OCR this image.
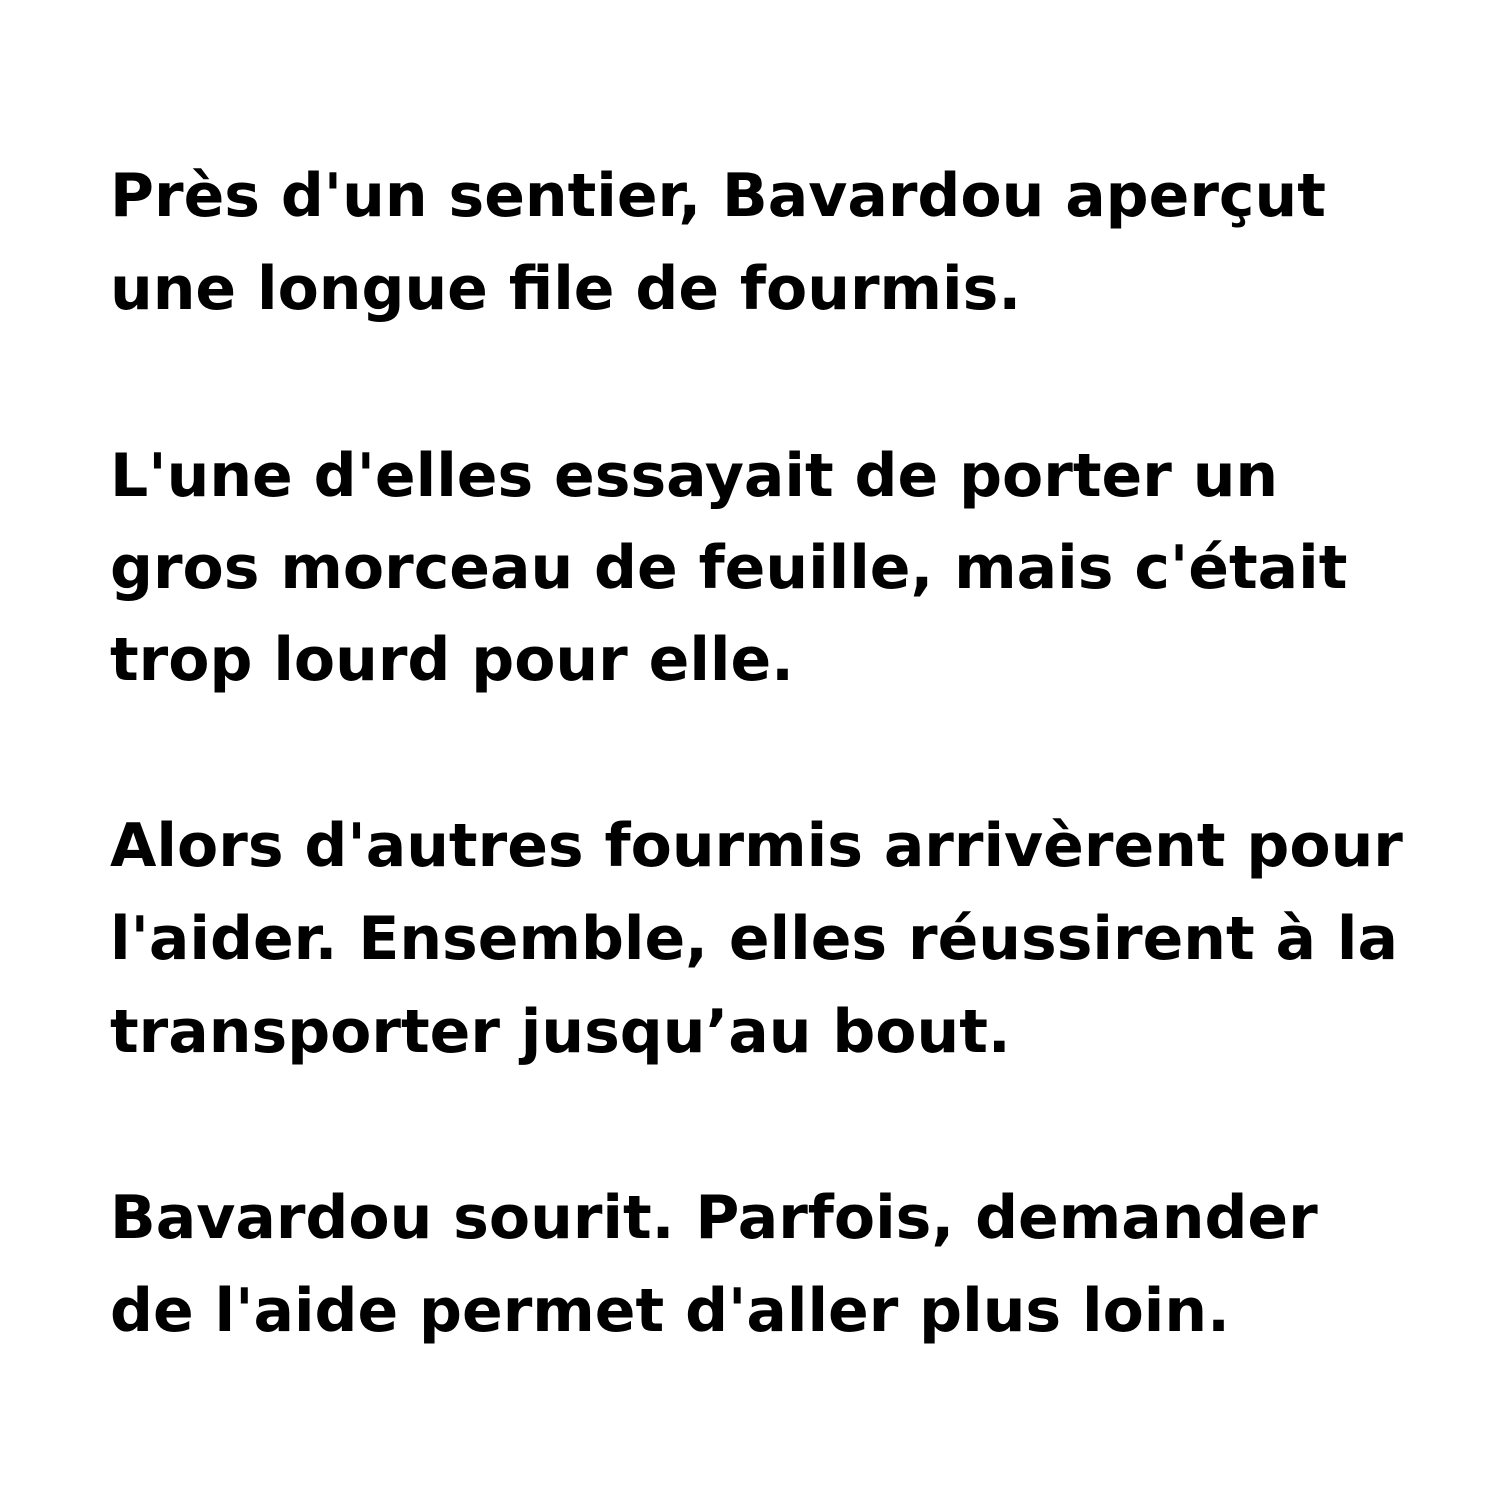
Près d'un sentier, Bavardou aperçut
une longue file de fourmis.
L'une d'elles essayait de porter un
gros morceau de feuille, mais c'était
trop lourd pour elle.
Alors d'autres fourmis arrivèrent pour
l'aider. Ensemble, elles réussirent à la
transporter jusqu’au bout.
Bavardou sourit. Parfois, demander
de l'aide permet d'aller plus loin.
